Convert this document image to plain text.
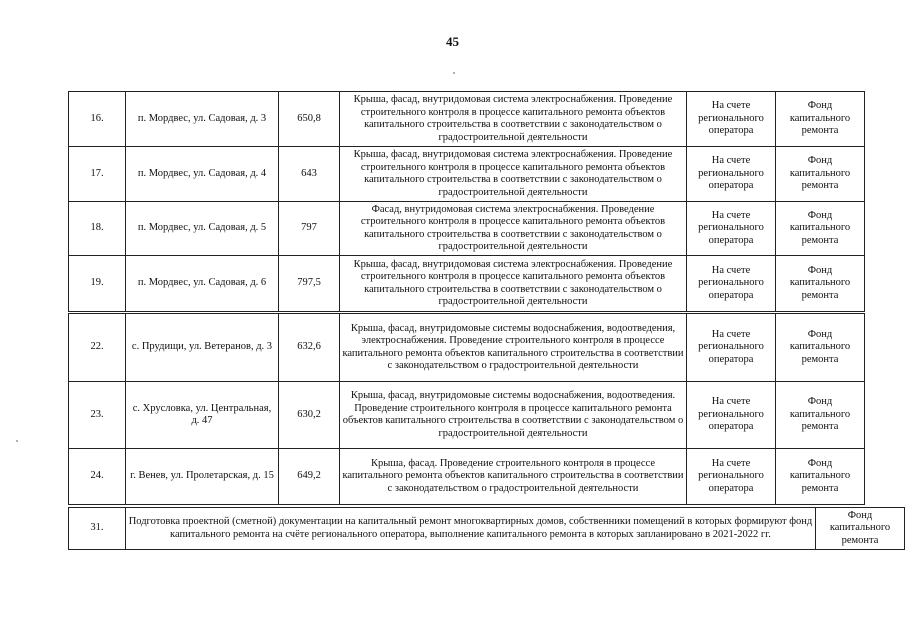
45
16.	п. Мордвес, ул. Садовая, д. 3	650,8	Крыша, фасад, внутридомовая система электроснабжения. Проведение строительного контроля в процессе капитального ремонта объектов капитального строительства в соответствии с законодательством о градостроительной деятельности	На счете регионального оператора	Фонд капитального ремонта
17.	п. Мордвес, ул. Садовая, д. 4	643	Крыша, фасад, внутридомовая система электроснабжения. Проведение строительного контроля в процессе капитального ремонта объектов капитального строительства в соответствии с законодательством о градостроительной деятельности	На счете регионального оператора	Фонд капитального ремонта
18.	п. Мордвес, ул. Садовая, д. 5	797	Фасад, внутридомовая система электроснабжения. Проведение строительного контроля в процессе капитального ремонта объектов капитального строительства в соответствии с законодательством о градостроительной деятельности	На счете регионального оператора	Фонд капитального ремонта
19.	п. Мордвес, ул. Садовая, д. 6	797,5	Крыша, фасад, внутридомовая система электроснабжения. Проведение строительного контроля в процессе капитального ремонта объектов капитального строительства в соответствии с законодательством о градостроительной деятельности	На счете регионального оператора	Фонд капитального ремонта
22.	с. Прудищи, ул. Ветеранов, д. 3	632,6	Крыша, фасад, внутридомовые системы водоснабжения, водоотведения, электроснабжения. Проведение строительного контроля в процессе капитального ремонта объектов капитального строительства в соответствии с законодательством о градостроительной деятельности	На счете регионального оператора	Фонд капитального ремонта
23.	с. Хрусловка, ул. Центральная, д. 47	630,2	Крыша, фасад, внутридомовые системы водоснабжения, водоотведения. Проведение строительного контроля в процессе капитального ремонта объектов капитального строительства в соответствии с законодательством о градостроительной деятельности	На счете регионального оператора	Фонд капитального ремонта
24.	г. Венев, ул. Пролетарская, д. 15	649,2	Крыша, фасад. Проведение строительного контроля в процессе капитального ремонта объектов капитального строительства в соответствии с законодательством о градостроительной деятельности	На счете регионального оператора	Фонд капитального ремонта
31.	Подготовка проектной (сметной) документации на капитальный ремонт многоквартирных домов, собственники помещений в которых формируют фонд капитального ремонта на счёте регионального оператора, выполнение капитального ремонта в которых запланировано в 2021-2022 гг.	Фонд капитального ремонта
